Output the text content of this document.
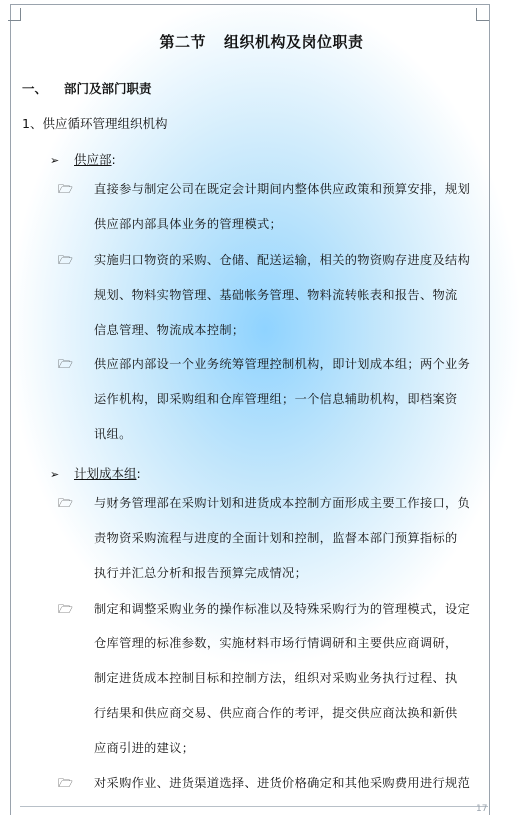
第二节 组织机构及岗位职责
一、 部门及部门职责
1、供应循环管理组织机构
➢ 供应部:
🗁 直接参与制定公司在既定会计期间内整体供应政策和预算安排，规划
供应部内部具体业务的管理模式；
🗁 实施归口物资的采购、仓储、配送运输，相关的物资购存进度及结构
规划、物料实物管理、基础帐务管理、物料流转帐表和报告、物流
信息管理、物流成本控制；
🗁 供应部内部设一个业务统筹管理控制机构，即计划成本组；两个业务
运作机构，即采购组和仓库管理组；一个信息辅助机构，即档案资
讯组。
➢ 计划成本组:
🗁 与财务管理部在采购计划和进货成本控制方面形成主要工作接口，负
责物资采购流程与进度的全面计划和控制，监督本部门预算指标的
执行并汇总分析和报告预算完成情况；
🗁 制定和调整采购业务的操作标准以及特殊采购行为的管理模式，设定
仓库管理的标准参数，实施材料市场行情调研和主要供应商调研，
制定进货成本控制目标和控制方法，组织对采购业务执行过程、执
行结果和供应商交易、供应商合作的考评，提交供应商汰换和新供
应商引进的建议；
🗁 对采购作业、进货渠道选择、进货价格确定和其他采购费用进行规范
17
